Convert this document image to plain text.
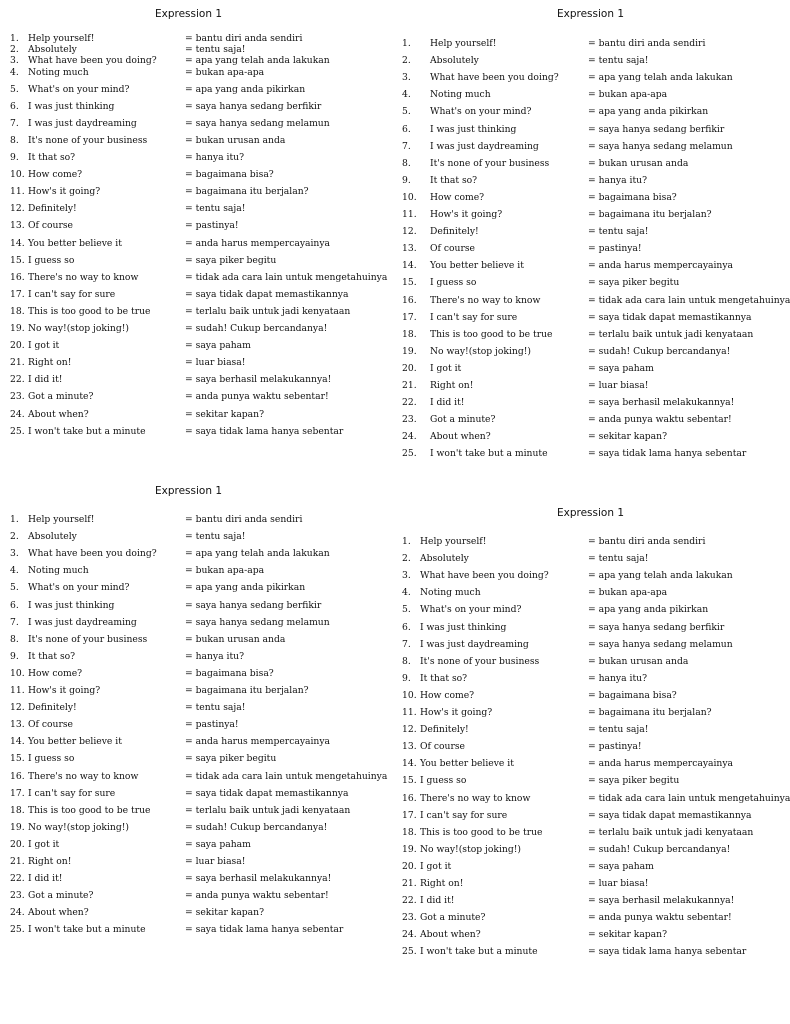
Expression 1
1. Help yourself!	= bantu diri anda sendiri
2. Absolutely	= tentu saja!
3. What have been you doing?	= apa yang telah anda lakukan
4. Noting much	= bukan apa-apa
5. What's on your mind?	= apa yang anda pikirkan
6. I was just thinking	= saya hanya sedang berfikir
7. I was just daydreaming	= saya hanya sedang melamun
8. It's none of your business	= bukan urusan anda
9. It that so?	= hanya itu?
10. How come?	= bagaimana bisa?
11. How's it going?	= bagaimana itu berjalan?
12. Definitely!	= tentu saja!
13. Of course	= pastinya!
14. You better believe it	= anda harus mempercayainya
15. I guess so	= saya piker begitu
16. There's no way to know	= tidak ada cara lain untuk mengetahuinya
17. I can't say for sure	= saya tidak dapat memastikannya
18. This is too good to be true	= terlalu baik untuk jadi kenyataan
19. No way!(stop joking!)	= sudah! Cukup bercandanya!
20. I got it	= saya paham
21. Right on!	= luar biasa!
22. I did it!	= saya berhasil melakukannya!
23. Got a minute?	= anda punya waktu sebentar!
24. About when?	= sekitar kapan?
25. I won't take but a minute	= saya tidak lama hanya sebentar
Expression 1
1. Help yourself!	= bantu diri anda sendiri
2. Absolutely	= tentu saja!
3. What have been you doing?	= apa yang telah anda lakukan
4. Noting much	= bukan apa-apa
5. What's on your mind?	= apa yang anda pikirkan
6. I was just thinking	= saya hanya sedang berfikir
7. I was just daydreaming	= saya hanya sedang melamun
8. It's none of your business	= bukan urusan anda
9. It that so?	= hanya itu?
10. How come?	= bagaimana bisa?
11. How's it going?	= bagaimana itu berjalan?
12. Definitely!	= tentu saja!
13. Of course	= pastinya!
14. You better believe it	= anda harus mempercayainya
15. I guess so	= saya piker begitu
16. There's no way to know	= tidak ada cara lain untuk mengetahuinya
17. I can't say for sure	= saya tidak dapat memastikannya
18. This is too good to be true	= terlalu baik untuk jadi kenyataan
19. No way!(stop joking!)	= sudah! Cukup bercandanya!
20. I got it	= saya paham
21. Right on!	= luar biasa!
22. I did it!	= saya berhasil melakukannya!
23. Got a minute?	= anda punya waktu sebentar!
24. About when?	= sekitar kapan?
25. I won't take but a minute	= saya tidak lama hanya sebentar
Expression 1
1. Help yourself!	= bantu diri anda sendiri
2. Absolutely	= tentu saja!
3. What have been you doing?	= apa yang telah anda lakukan
4. Noting much	= bukan apa-apa
5. What's on your mind?	= apa yang anda pikirkan
6. I was just thinking	= saya hanya sedang berfikir
7. I was just daydreaming	= saya hanya sedang melamun
8. It's none of your business	= bukan urusan anda
9. It that so?	= hanya itu?
10. How come?	= bagaimana bisa?
11. How's it going?	= bagaimana itu berjalan?
12. Definitely!	= tentu saja!
13. Of course	= pastinya!
14. You better believe it	= anda harus mempercayainya
15. I guess so	= saya piker begitu
16. There's no way to know	= tidak ada cara lain untuk mengetahuinya
17. I can't say for sure	= saya tidak dapat memastikannya
18. This is too good to be true	= terlalu baik untuk jadi kenyataan
19. No way!(stop joking!)	= sudah! Cukup bercandanya!
20. I got it	= saya paham
21. Right on!	= luar biasa!
22. I did it!	= saya berhasil melakukannya!
23. Got a minute?	= anda punya waktu sebentar!
24. About when?	= sekitar kapan?
25. I won't take but a minute	= saya tidak lama hanya sebentar
Expression 1
1. Help yourself!	= bantu diri anda sendiri
2. Absolutely	= tentu saja!
3. What have been you doing?	= apa yang telah anda lakukan
4. Noting much	= bukan apa-apa
5. What's on your mind?	= apa yang anda pikirkan
6. I was just thinking	= saya hanya sedang berfikir
7. I was just daydreaming	= saya hanya sedang melamun
8. It's none of your business	= bukan urusan anda
9. It that so?	= hanya itu?
10. How come?	= bagaimana bisa?
11. How's it going?	= bagaimana itu berjalan?
12. Definitely!	= tentu saja!
13. Of course	= pastinya!
14. You better believe it	= anda harus mempercayainya
15. I guess so	= saya piker begitu
16. There's no way to know	= tidak ada cara lain untuk mengetahuinya
17. I can't say for sure	= saya tidak dapat memastikannya
18. This is too good to be true	= terlalu baik untuk jadi kenyataan
19. No way!(stop joking!)	= sudah! Cukup bercandanya!
20. I got it	= saya paham
21. Right on!	= luar biasa!
22. I did it!	= saya berhasil melakukannya!
23. Got a minute?	= anda punya waktu sebentar!
24. About when?	= sekitar kapan?
25. I won't take but a minute	= saya tidak lama hanya sebentar
